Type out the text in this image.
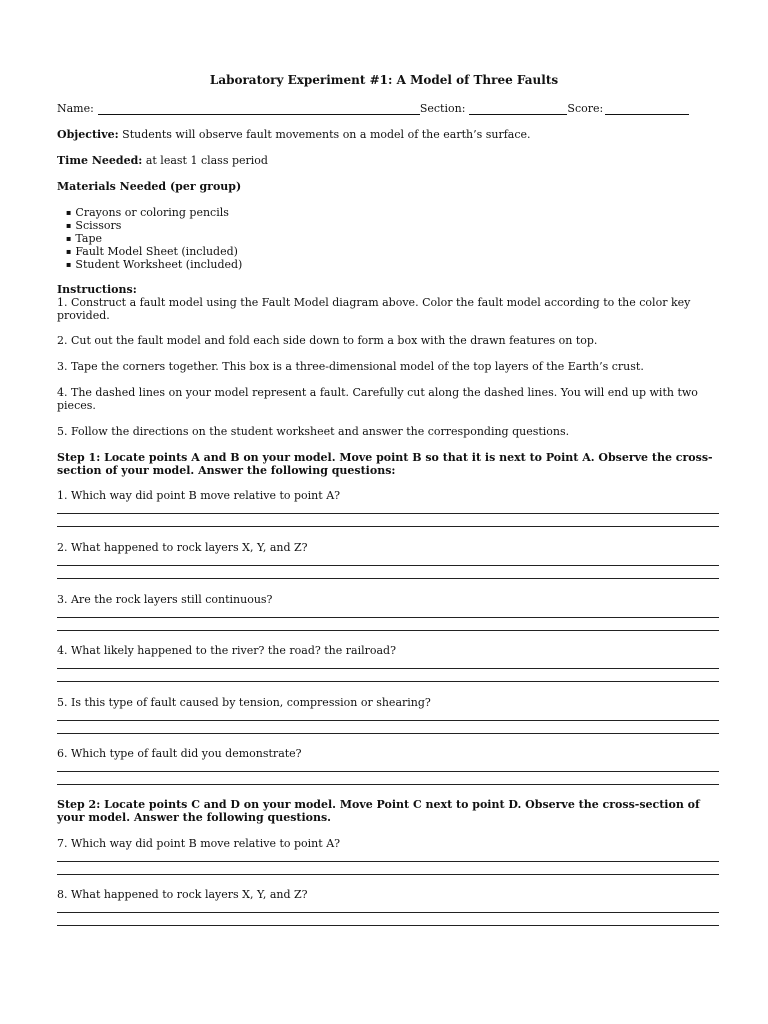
Laboratory Experiment #1: A Model of Three Faults
Name:	Section:	Score:
Objective: Students will observe fault movements on a model of the earth’s surface.
Time Needed: at least 1 class period
Materials Needed (per group)
▪ Crayons or coloring pencils
▪ Scissors
▪ Tape
▪ Fault Model Sheet (included)
▪ Student Worksheet (included)
Instructions:
1. Construct a fault model using the Fault Model diagram above. Color the fault model according to the color key provided.
2. Cut out the fault model and fold each side down to form a box with the drawn features on top.
3. Tape the corners together. This box is a three-dimensional model of the top layers of the Earth’s crust.
4. The dashed lines on your model represent a fault. Carefully cut along the dashed lines. You will end up with two pieces.
5. Follow the directions on the student worksheet and answer the corresponding questions.
Step 1: Locate points A and B on your model. Move point B so that it is next to Point A. Observe the cross-section of your model. Answer the following questions:
1. Which way did point B move relative to point A?
2. What happened to rock layers X, Y, and Z?
3. Are the rock layers still continuous?
4. What likely happened to the river? the road? the railroad?
5. Is this type of fault caused by tension, compression or shearing?
6. Which type of fault did you demonstrate?
Step 2: Locate points C and D on your model. Move Point C next to point D. Observe the cross-section of your model. Answer the following questions.
7. Which way did point B move relative to point A?
8. What happened to rock layers X, Y, and Z?
